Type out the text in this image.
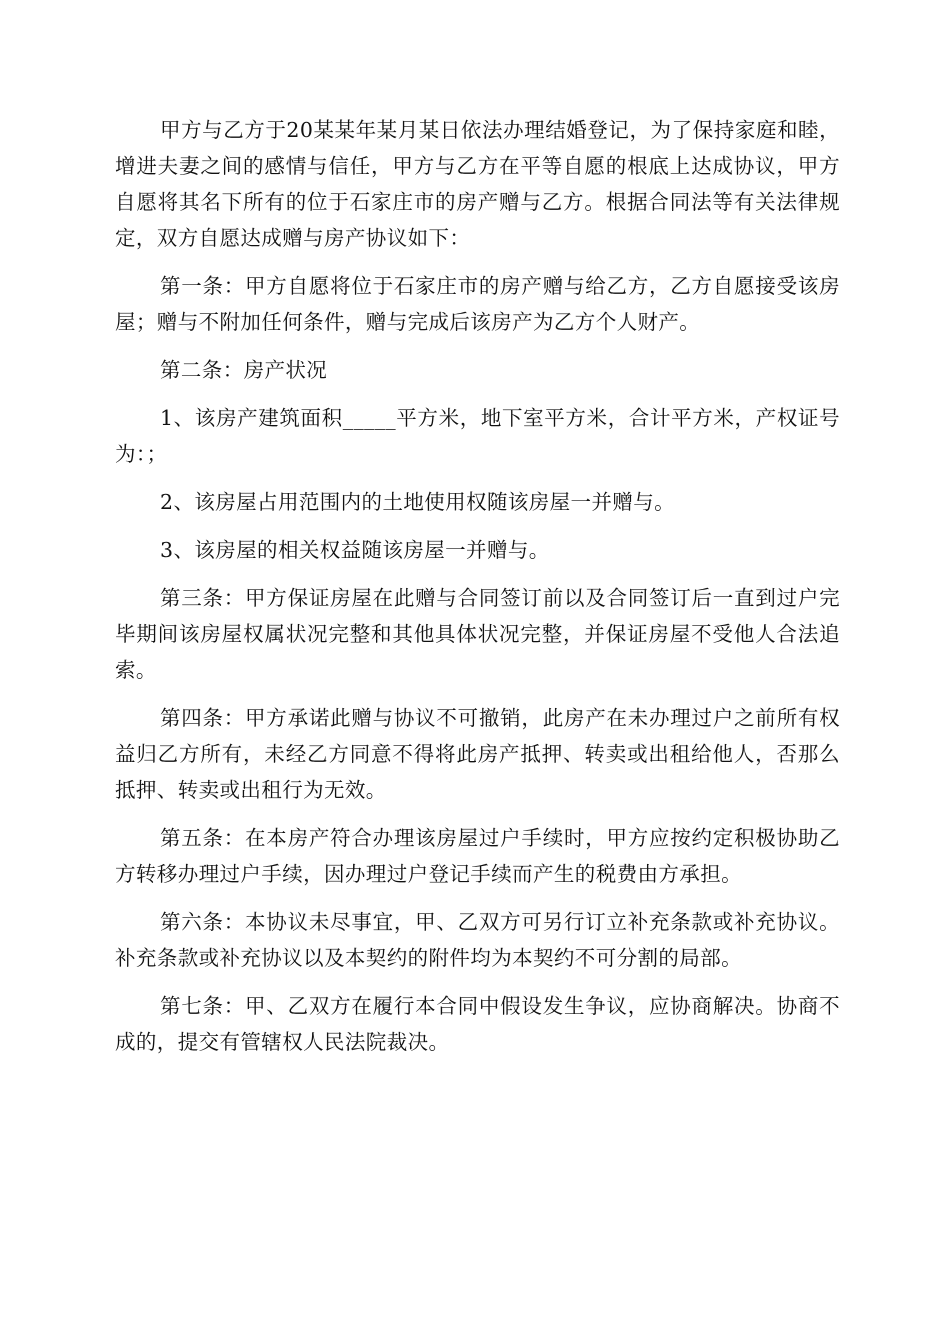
甲方与乙方于20某某年某月某日依法办理结婚登记，为了保持家庭和睦，增进夫妻之间的感情与信任，甲方与乙方在平等自愿的根底上达成协议，甲方自愿将其名下所有的位于石家庄市的房产赠与乙方。根据合同法等有关法律规定，双方自愿达成赠与房产协议如下：

第一条：甲方自愿将位于石家庄市的房产赠与给乙方，乙方自愿接受该房屋；赠与不附加任何条件，赠与完成后该房产为乙方个人财产。

第二条：房产状况

1、该房产建筑面积_____平方米，地下室平方米，合计平方米，产权证号为：；

2、该房屋占用范围内的土地使用权随该房屋一并赠与。

3、该房屋的相关权益随该房屋一并赠与。

第三条：甲方保证房屋在此赠与合同签订前以及合同签订后一直到过户完毕期间该房屋权属状况完整和其他具体状况完整，并保证房屋不受他人合法追索。

第四条：甲方承诺此赠与协议不可撤销，此房产在未办理过户之前所有权益归乙方所有，未经乙方同意不得将此房产抵押、转卖或出租给他人，否那么抵押、转卖或出租行为无效。

第五条：在本房产符合办理该房屋过户手续时，甲方应按约定积极协助乙方转移办理过户手续，因办理过户登记手续而产生的税费由方承担。

第六条：本协议未尽事宜，甲、乙双方可另行订立补充条款或补充协议。补充条款或补充协议以及本契约的附件均为本契约不可分割的局部。

第七条：甲、乙双方在履行本合同中假设发生争议，应协商解决。协商不成的，提交有管辖权人民法院裁决。
